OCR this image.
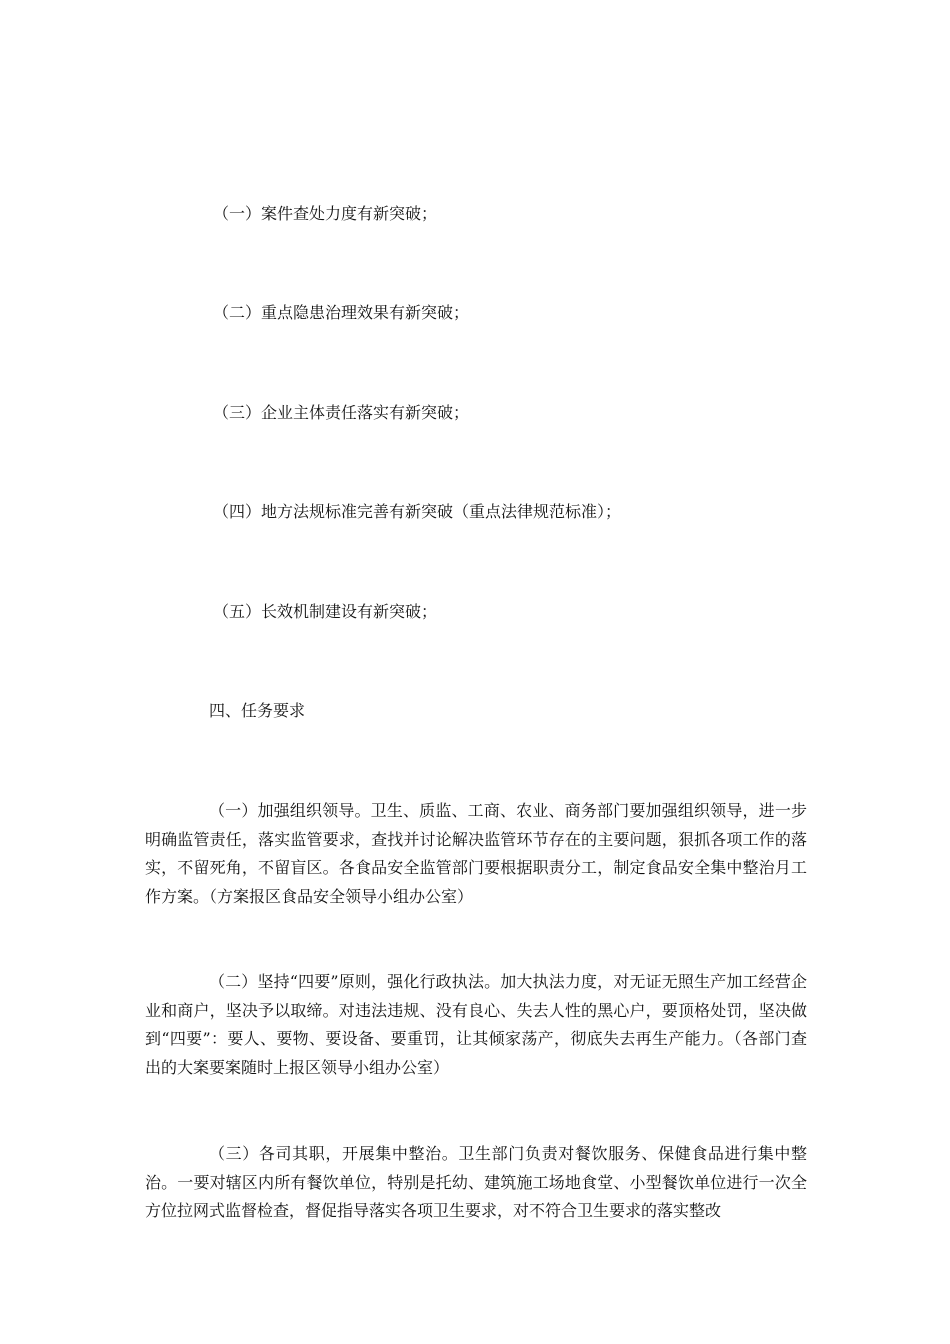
（一）案件查处力度有新突破；
（二）重点隐患治理效果有新突破；
（三）企业主体责任落实有新突破；
（四）地方法规标准完善有新突破（重点法律规范标准）；
（五）长效机制建设有新突破；
四、任务要求
（一）加强组织领导。卫生、质监、工商、农业、商务部门要加强组织领导，进一步明确监管责任，落实监管要求，查找并讨论解决监管环节存在的主要问题，狠抓各项工作的落实，不留死角，不留盲区。各食品安全监管部门要根据职责分工，制定食品安全集中整治月工作方案。（方案报区食品安全领导小组办公室）
（二）坚持“四要”原则，强化行政执法。加大执法力度，对无证无照生产加工经营企业和商户，坚决予以取缔。对违法违规、没有良心、失去人性的黑心户，要顶格处罚，坚决做到“四要”：要人、要物、要设备、要重罚，让其倾家荡产，彻底失去再生产能力。（各部门查出的大案要案随时上报区领导小组办公室）
（三）各司其职，开展集中整治。卫生部门负责对餐饮服务、保健食品进行集中整治。一要对辖区内所有餐饮单位，特别是托幼、建筑施工场地食堂、小型餐饮单位进行一次全方位拉网式监督检查，督促指导落实各项卫生要求，对不符合卫生要求的落实整改
